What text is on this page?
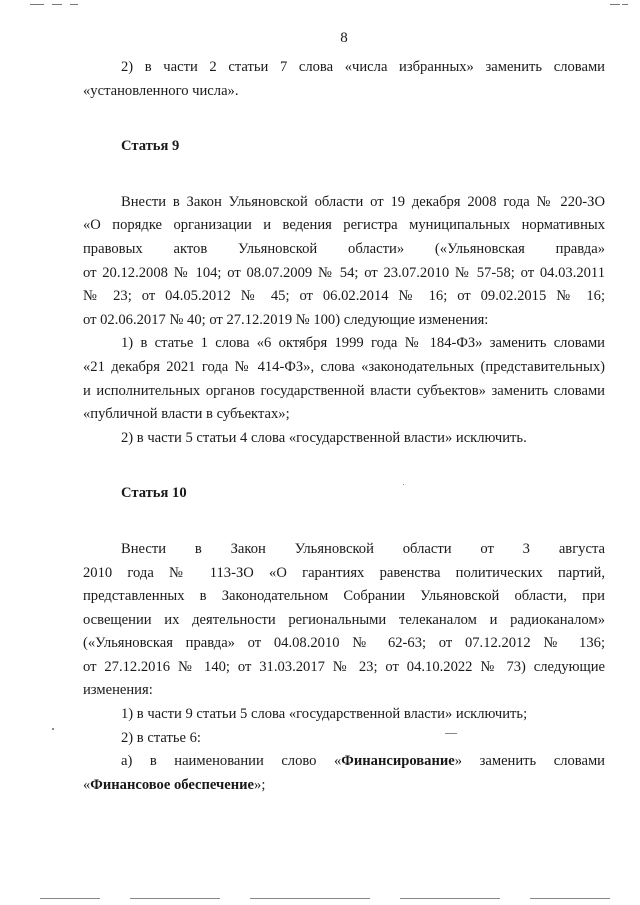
8

2) в части 2 статьи 7 слова «числа избранных» заменить словами

«установленного числа».

Статья 9

Внести в Закон Ульяновской области от 19 декабря 2008 года № 220-ЗО

«О порядке организации и ведения регистра муниципальных нормативных

правовых актов Ульяновской области» («Ульяновская правда»

от 20.12.2008 № 104; от 08.07.2009 № 54; от 23.07.2010 № 57-58; от 04.03.2011

№ 23; от 04.05.2012 № 45; от 06.02.2014 № 16; от 09.02.2015 № 16;

от 02.06.2017 № 40; от 27.12.2019 № 100) следующие изменения:

1) в статье 1 слова «6 октября 1999 года № 184-ФЗ» заменить словами

«21 декабря 2021 года № 414-ФЗ», слова «законодательных (представительных)

и исполнительных органов государственной власти субъектов» заменить словами

«публичной власти в субъектах»;

2) в части 5 статьи 4 слова «государственной власти» исключить.

Статья 10

Внести в Закон Ульяновской области от 3 августа

2010 года № 113-ЗО «О гарантиях равенства политических партий,

представленных в Законодательном Собрании Ульяновской области, при

освещении их деятельности региональными телеканалом и радиоканалом»

(«Ульяновская правда» от 04.08.2010 № 62-63; от 07.12.2012 № 136;

от 27.12.2016 № 140; от 31.03.2017 № 23; от 04.10.2022 № 73) следующие

изменения:

1) в части 9 статьи 5 слова «государственной власти» исключить;

2) в статье 6:

а) в наименовании слово «Финансирование» заменить словами

«Финансовое обеспечение»;
